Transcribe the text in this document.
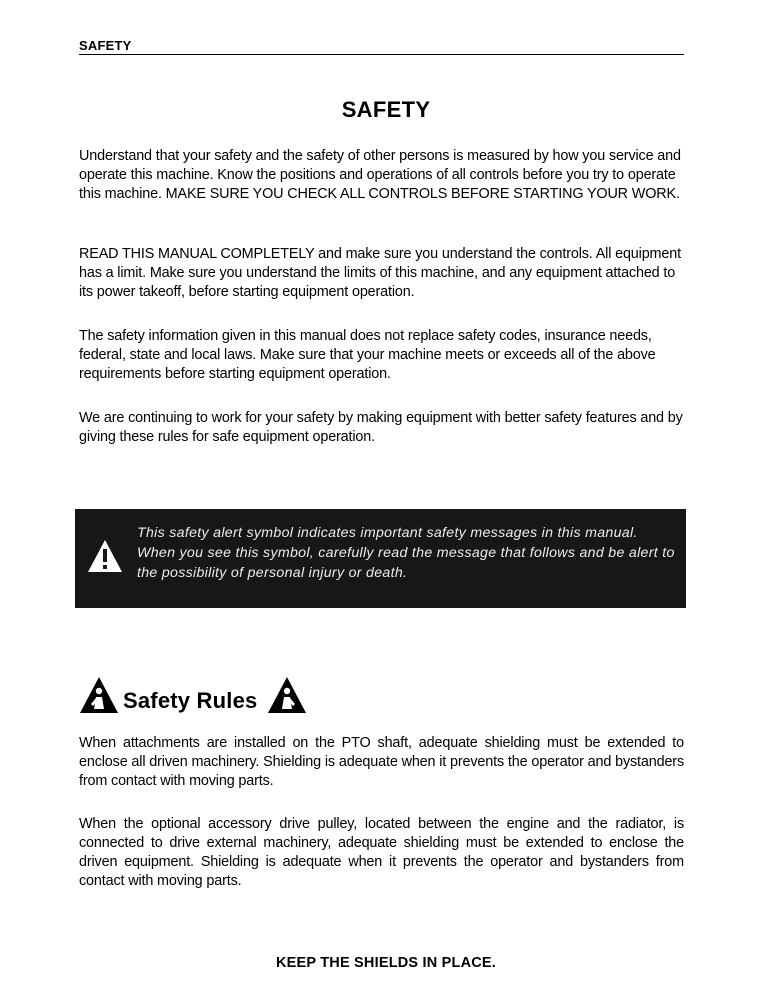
SAFETY
SAFETY

Understand that your safety and the safety of other persons is measured by how you service and operate this machine. Know the positions and operations of all controls before you try to operate this machine. MAKE SURE YOU CHECK ALL CONTROLS BEFORE STARTING YOUR WORK.

READ THIS MANUAL COMPLETELY and make sure you understand the controls. All equipment has a limit. Make sure you understand the limits of this machine, and any equipment attached to its power takeoff, before starting equipment operation.

The safety information given in this manual does not replace safety codes, insurance needs, federal, state and local laws. Make sure that your machine meets or exceeds all of the above requirements before starting equipment operation.

We are continuing to work for your safety by making equipment with better safety features and by giving these rules for safe equipment operation.

This safety alert symbol indicates important safety messages in this manual. When you see this symbol, carefully read the message that follows and be alert to the possibility of personal injury or death.

Safety Rules

When attachments are installed on the PTO shaft, adequate shielding must be extended to enclose all driven machinery. Shielding is adequate when it prevents the operator and bystanders from contact with moving parts.

When the optional accessory drive pulley, located between the engine and the radiator, is connected to drive external machinery, adequate shielding must be extended to enclose the driven equipment. Shielding is adequate when it prevents the operator and bystanders from contact with moving parts.

KEEP THE SHIELDS IN PLACE.
